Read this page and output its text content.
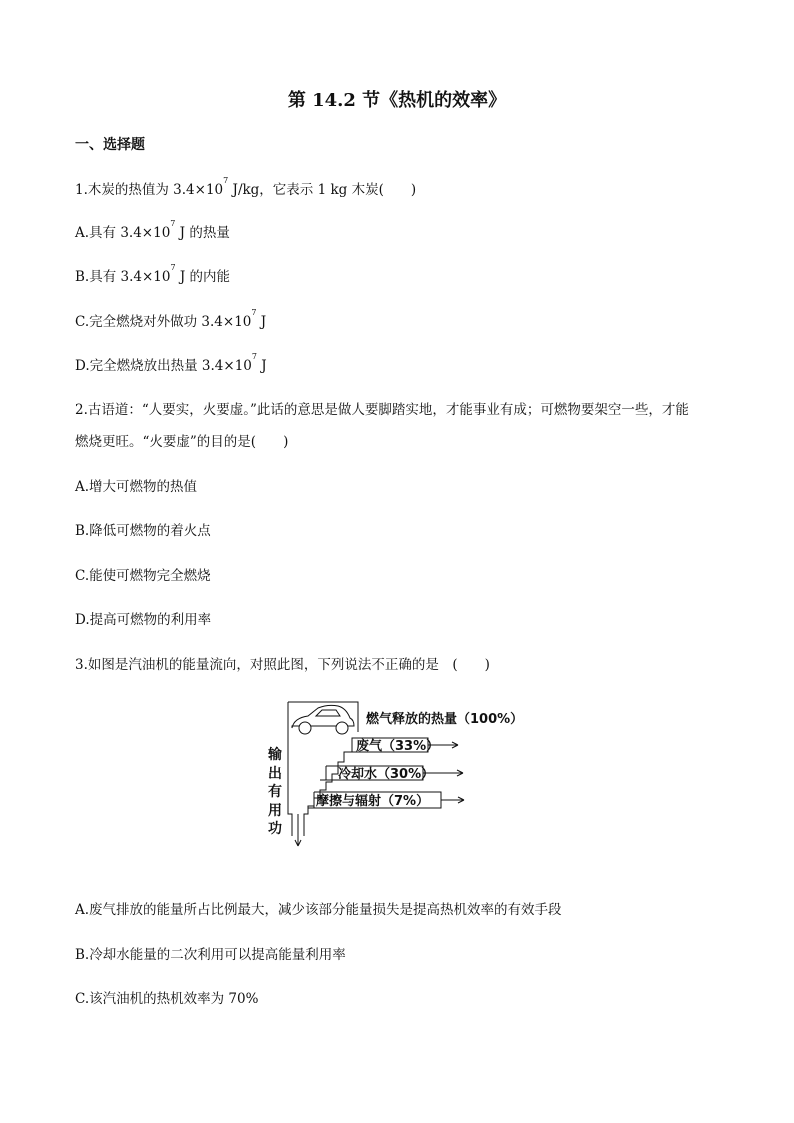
第 14.2 节《热机的效率》
一、选择题
1.木炭的热值为 $3.4\times 10^7$ J/kg，它表示 1 kg 木炭(　　)
A.具有 $3.4\times 10^7$ J 的热量
B.具有 $3.4\times 10^7$ J 的内能
C.完全燃烧对外做功 $3.4\times 10^7$ J
D.完全燃烧放出热量 $3.4\times 10^7$ J
2.古语道：“人要实，火要虚。”此话的意思是做人要脚踏实地，才能事业有成；可燃物要架空一些，才能
燃烧更旺。“火要虚”的目的是(　　)
A.增大可燃物的热值
B.降低可燃物的着火点
C.能使可燃物完全燃烧
D.提高可燃物的利用率
3.如图是汽油机的能量流向，对照此图，下列说法不正确的是　(　　)
燃气释放的热量（100%）
废气（33%）
冷却水（30%）
摩擦与辐射（7%）
输出有用功
A.废气排放的能量所占比例最大，减少该部分能量损失是提高热机效率的有效手段
B.冷却水能量的二次利用可以提高能量利用率
C.该汽油机的热机效率为 70%
